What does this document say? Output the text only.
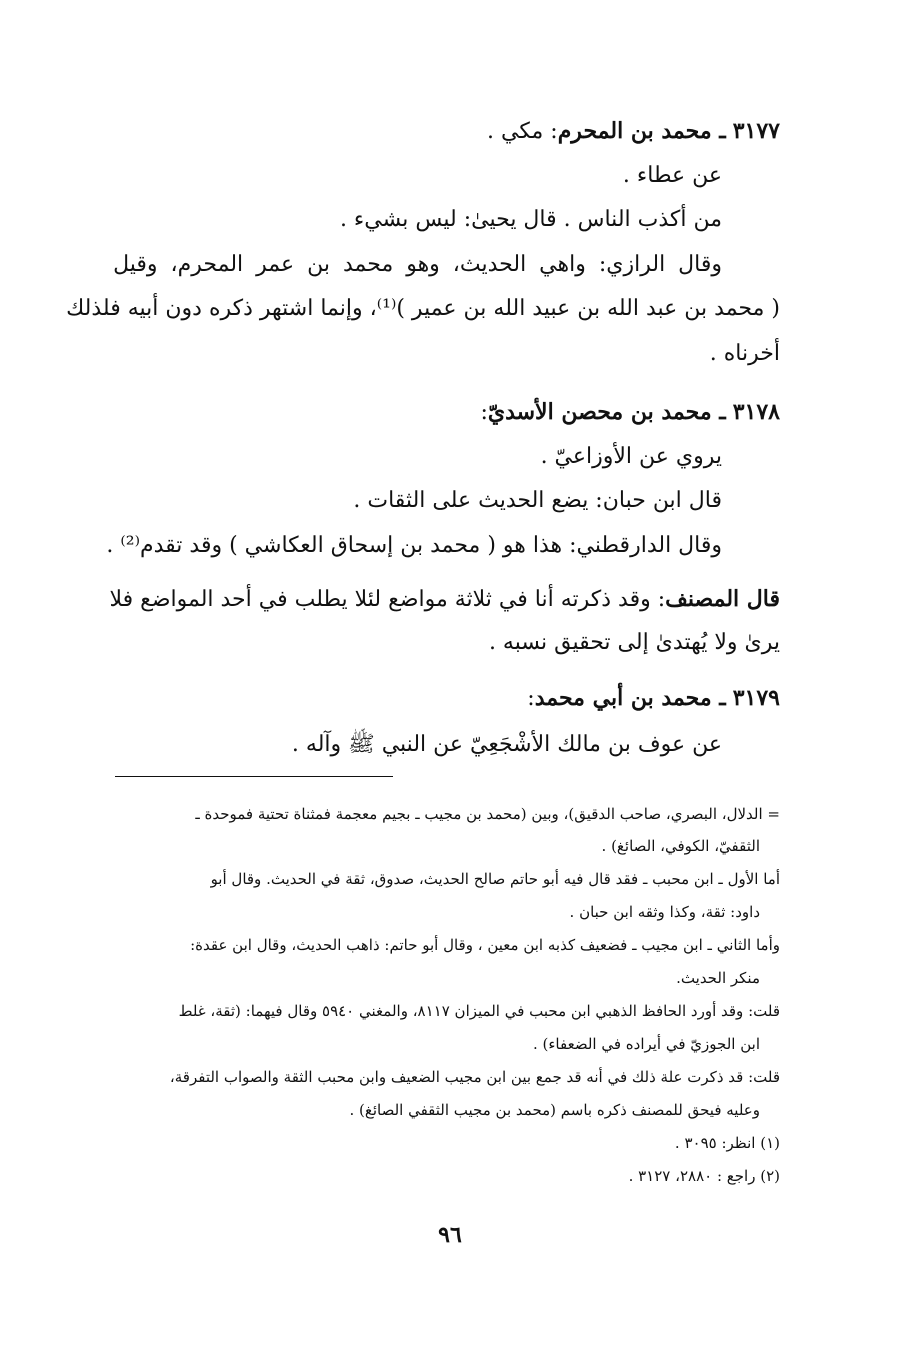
٣١٧٧ ـ محمد بن المحرم: مكي .
عن عطاء .
من أكذب الناس . قال يحيىٰ: ليس بشيء .
وقال الرازي: واهي الحديث، وهو محمد بن عمر المحرم، وقيل
( محمد بن عبد الله بن عبيد الله بن عمير )⁽¹⁾، وإنما اشتهر ذكره دون أبيه فلذلك
أخرناه .
٣١٧٨ ـ محمد بن محصن الأسديّ:
يروي عن الأوزاعيّ .
قال ابن حبان: يضع الحديث على الثقات .
وقال الدارقطني: هذا هو ( محمد بن إسحاق العكاشي ) وقد تقدم⁽²⁾ .
قال المصنف: وقد ذكرته أنا في ثلاثة مواضع لئلا يطلب في أحد المواضع فلا
يرىٰ ولا يُهتدىٰ إلى تحقيق نسبه .
٣١٧٩ ـ محمد بن أبي محمد:
عن عوف بن مالك الأشْجَعِيّ عن النبي ﷺ وآله .
= الدلال، البصري، صاحب الدقيق)، وبين (محمد بن مجيب ـ بجيم معجمة فمثناة تحتية فموحدة ـ
الثقفيّ، الكوفي، الصائغ) .
أما الأول ـ ابن محبب ـ فقد قال فيه أبو حاتم صالح الحديث، صدوق، ثقة في الحديث. وقال أبو
داود: ثقة، وكذا وثقه ابن حبان .
وأما الثاني ـ ابن مجيب ـ فضعيف كذبه ابن معين ، وقال أبو حاتم: ذاهب الحديث، وقال ابن عقدة:
منكر الحديث.
قلت: وقد أورد الحافظ الذهبي ابن محبب في الميزان ٨١١٧، والمغني ٥٩٤٠ وقال فيهما: (ثقة، غلط
ابن الجوزيّ في أيراده في الضعفاء) .
قلت: قد ذكرت علة ذلك في أنه قد جمع بين ابن مجيب الضعيف وابن محبب الثقة والصواب التفرقة،
وعليه فيحق للمصنف ذكره باسم (محمد بن مجيب الثقفي الصائغ) .
(١) انظر: ٣٠٩٥ .
(٢) راجع : ٢٨٨٠، ٣١٢٧ .
٩٦
